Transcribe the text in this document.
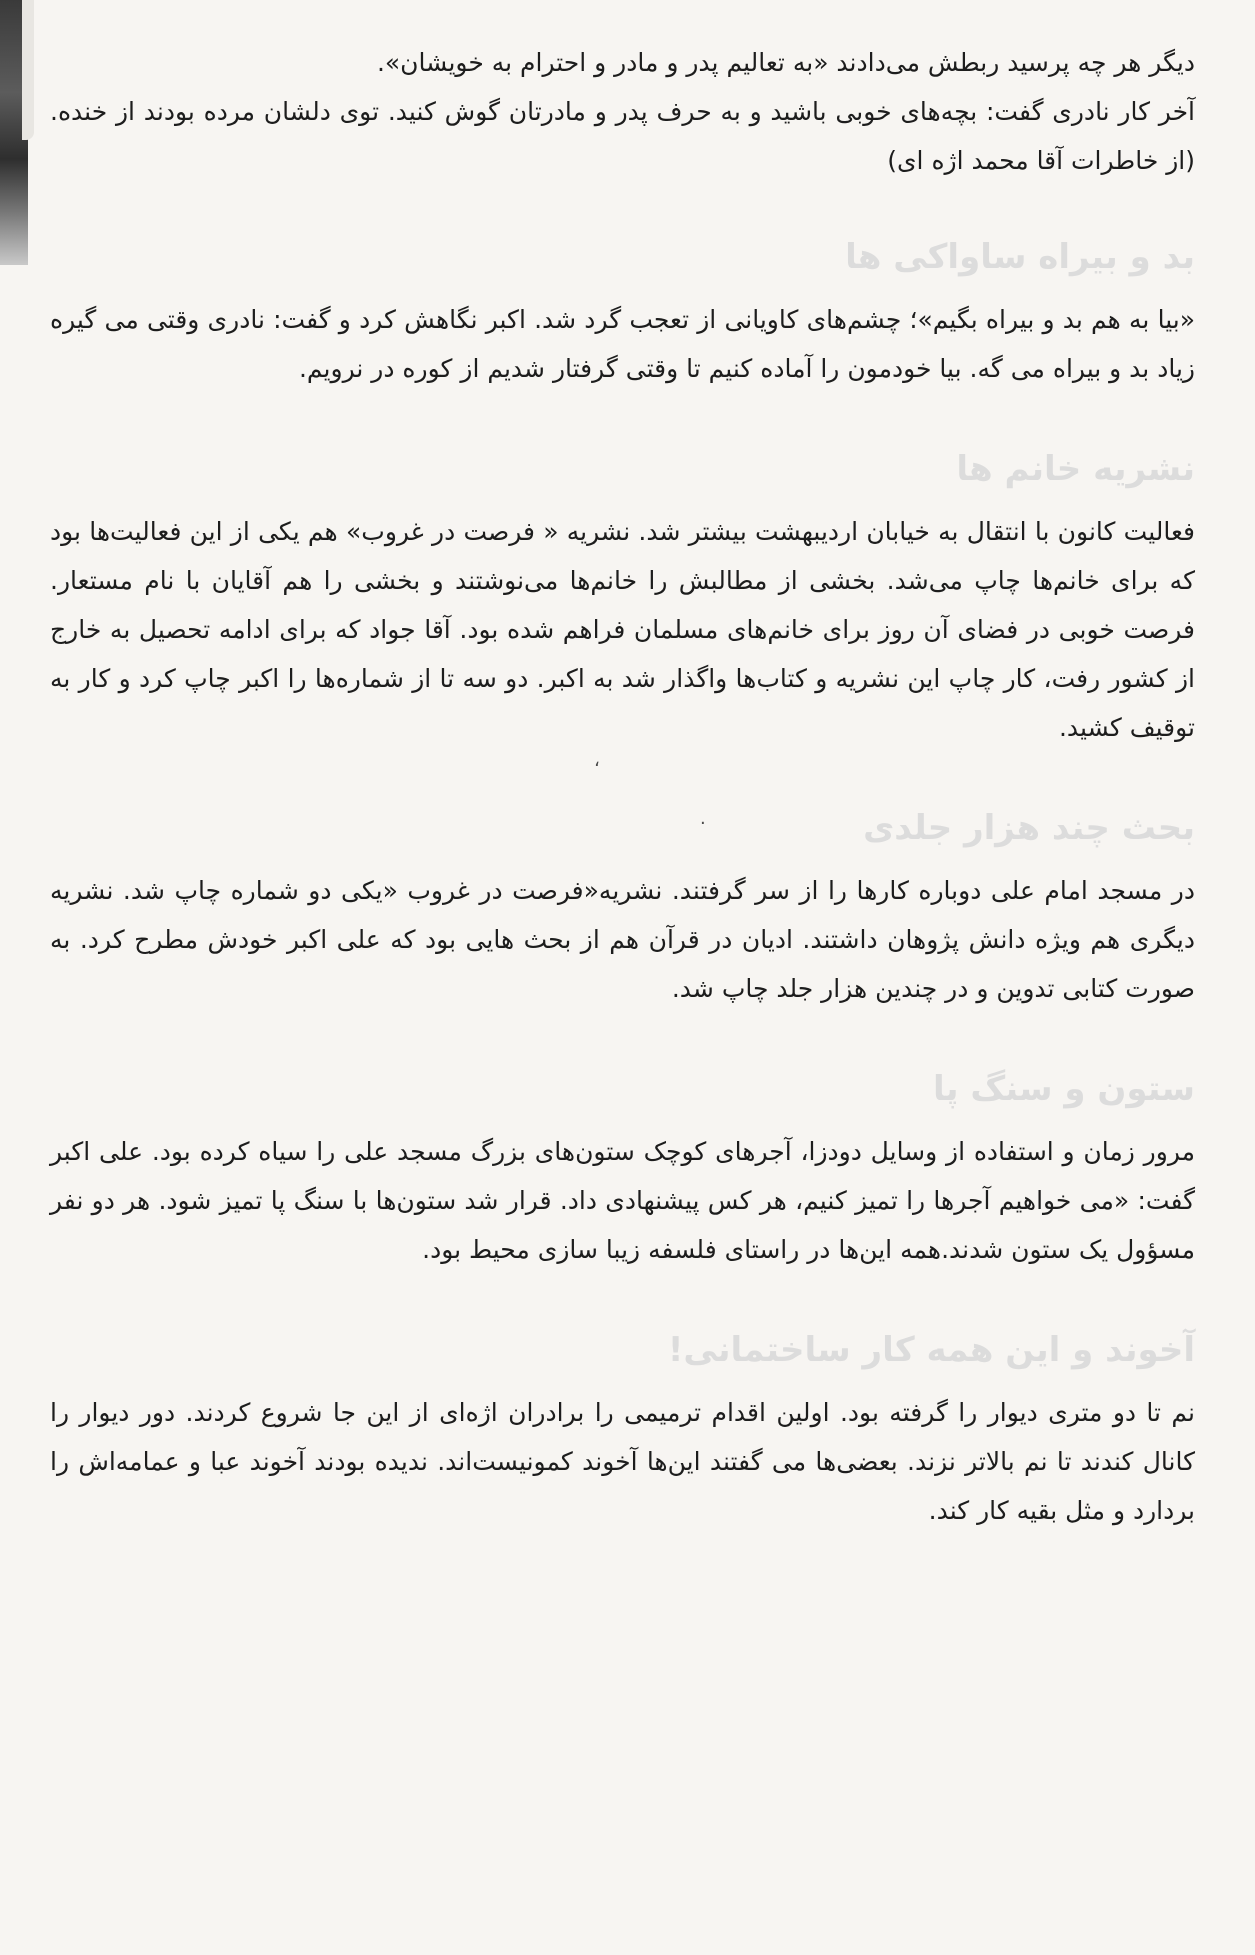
،
.

دیگر هر چه پرسید ربطش می‌دادند «به تعالیم پدر و مادر و احترام به خویشان».

آخر کار نادری گفت: بچه‌های خوبی باشید و به حرف پدر و مادرتان گوش کنید. توی دلشان مرده بودند از خنده.(از خاطرات آقا محمد اژه ای)

بد و بیراه ساواکی ها

«بیا به هم بد و بیراه بگیم»؛ چشم‌های کاویانی از تعجب گرد شد. اکبر نگاهش کرد و گفت: نادری وقتی می گیره زیاد بد و بیراه می گه. بیا خودمون را آماده کنیم تا وقتی گرفتار شدیم از کوره در نرویم.

نشریه خانم ها

فعالیت کانون با انتقال به خیابان اردیبهشت بیشتر شد. نشریه « فرصت در غروب» هم یکی از این فعالیت‌ها بود که برای خانم‌ها چاپ می‌شد. بخشی از مطالبش را خانم‌ها می‌نوشتند و بخشی را هم آقایان با نام مستعار. فرصت خوبی در فضای آن روز برای خانم‌های مسلمان فراهم شده بود. آقا جواد که برای ادامه تحصیل به خارج از کشور رفت، کار چاپ این نشریه و کتاب‌ها واگذار شد به اکبر. دو سه تا از شماره‌ها را اکبر چاپ کرد و کار به توقیف کشید.

بحث چند هزار جلدی

در مسجد امام علی دوباره کارها را از سر گرفتند. نشریه«فرصت در غروب «یکی دو شماره چاپ شد. نشریه دیگری هم ویژه دانش پژوهان داشتند. ادیان در قرآن هم از بحث هایی بود که علی اکبر خودش مطرح کرد. به صورت کتابی تدوین و در چندین هزار جلد چاپ شد.

ستون و سنگ پا

مرور زمان و استفاده از وسایل دودزا، آجرهای کوچک ستون‌های بزرگ مسجد علی را سیاه کرده بود. علی اکبر گفت: «می خواهیم آجرها را تمیز کنیم، هر کس پیشنهادی داد. قرار شد ستون‌ها با سنگ پا تمیز شود. هر دو نفر مسؤول یک ستون شدند.همه این‌ها در راستای فلسفه زیبا سازی محیط بود.

آخوند و این همه کار ساختمانی!

نم تا دو متری دیوار را گرفته بود. اولین اقدام ترمیمی را برادران اژه‌ای از این جا شروع کردند. دور دیوار را کانال کندند تا نم بالاتر نزند. بعضی‌ها می گفتند این‌ها آخوند کمونیست‌اند. ندیده بودند آخوند عبا و عمامه‌اش را بردارد و مثل بقیه کار کند.
